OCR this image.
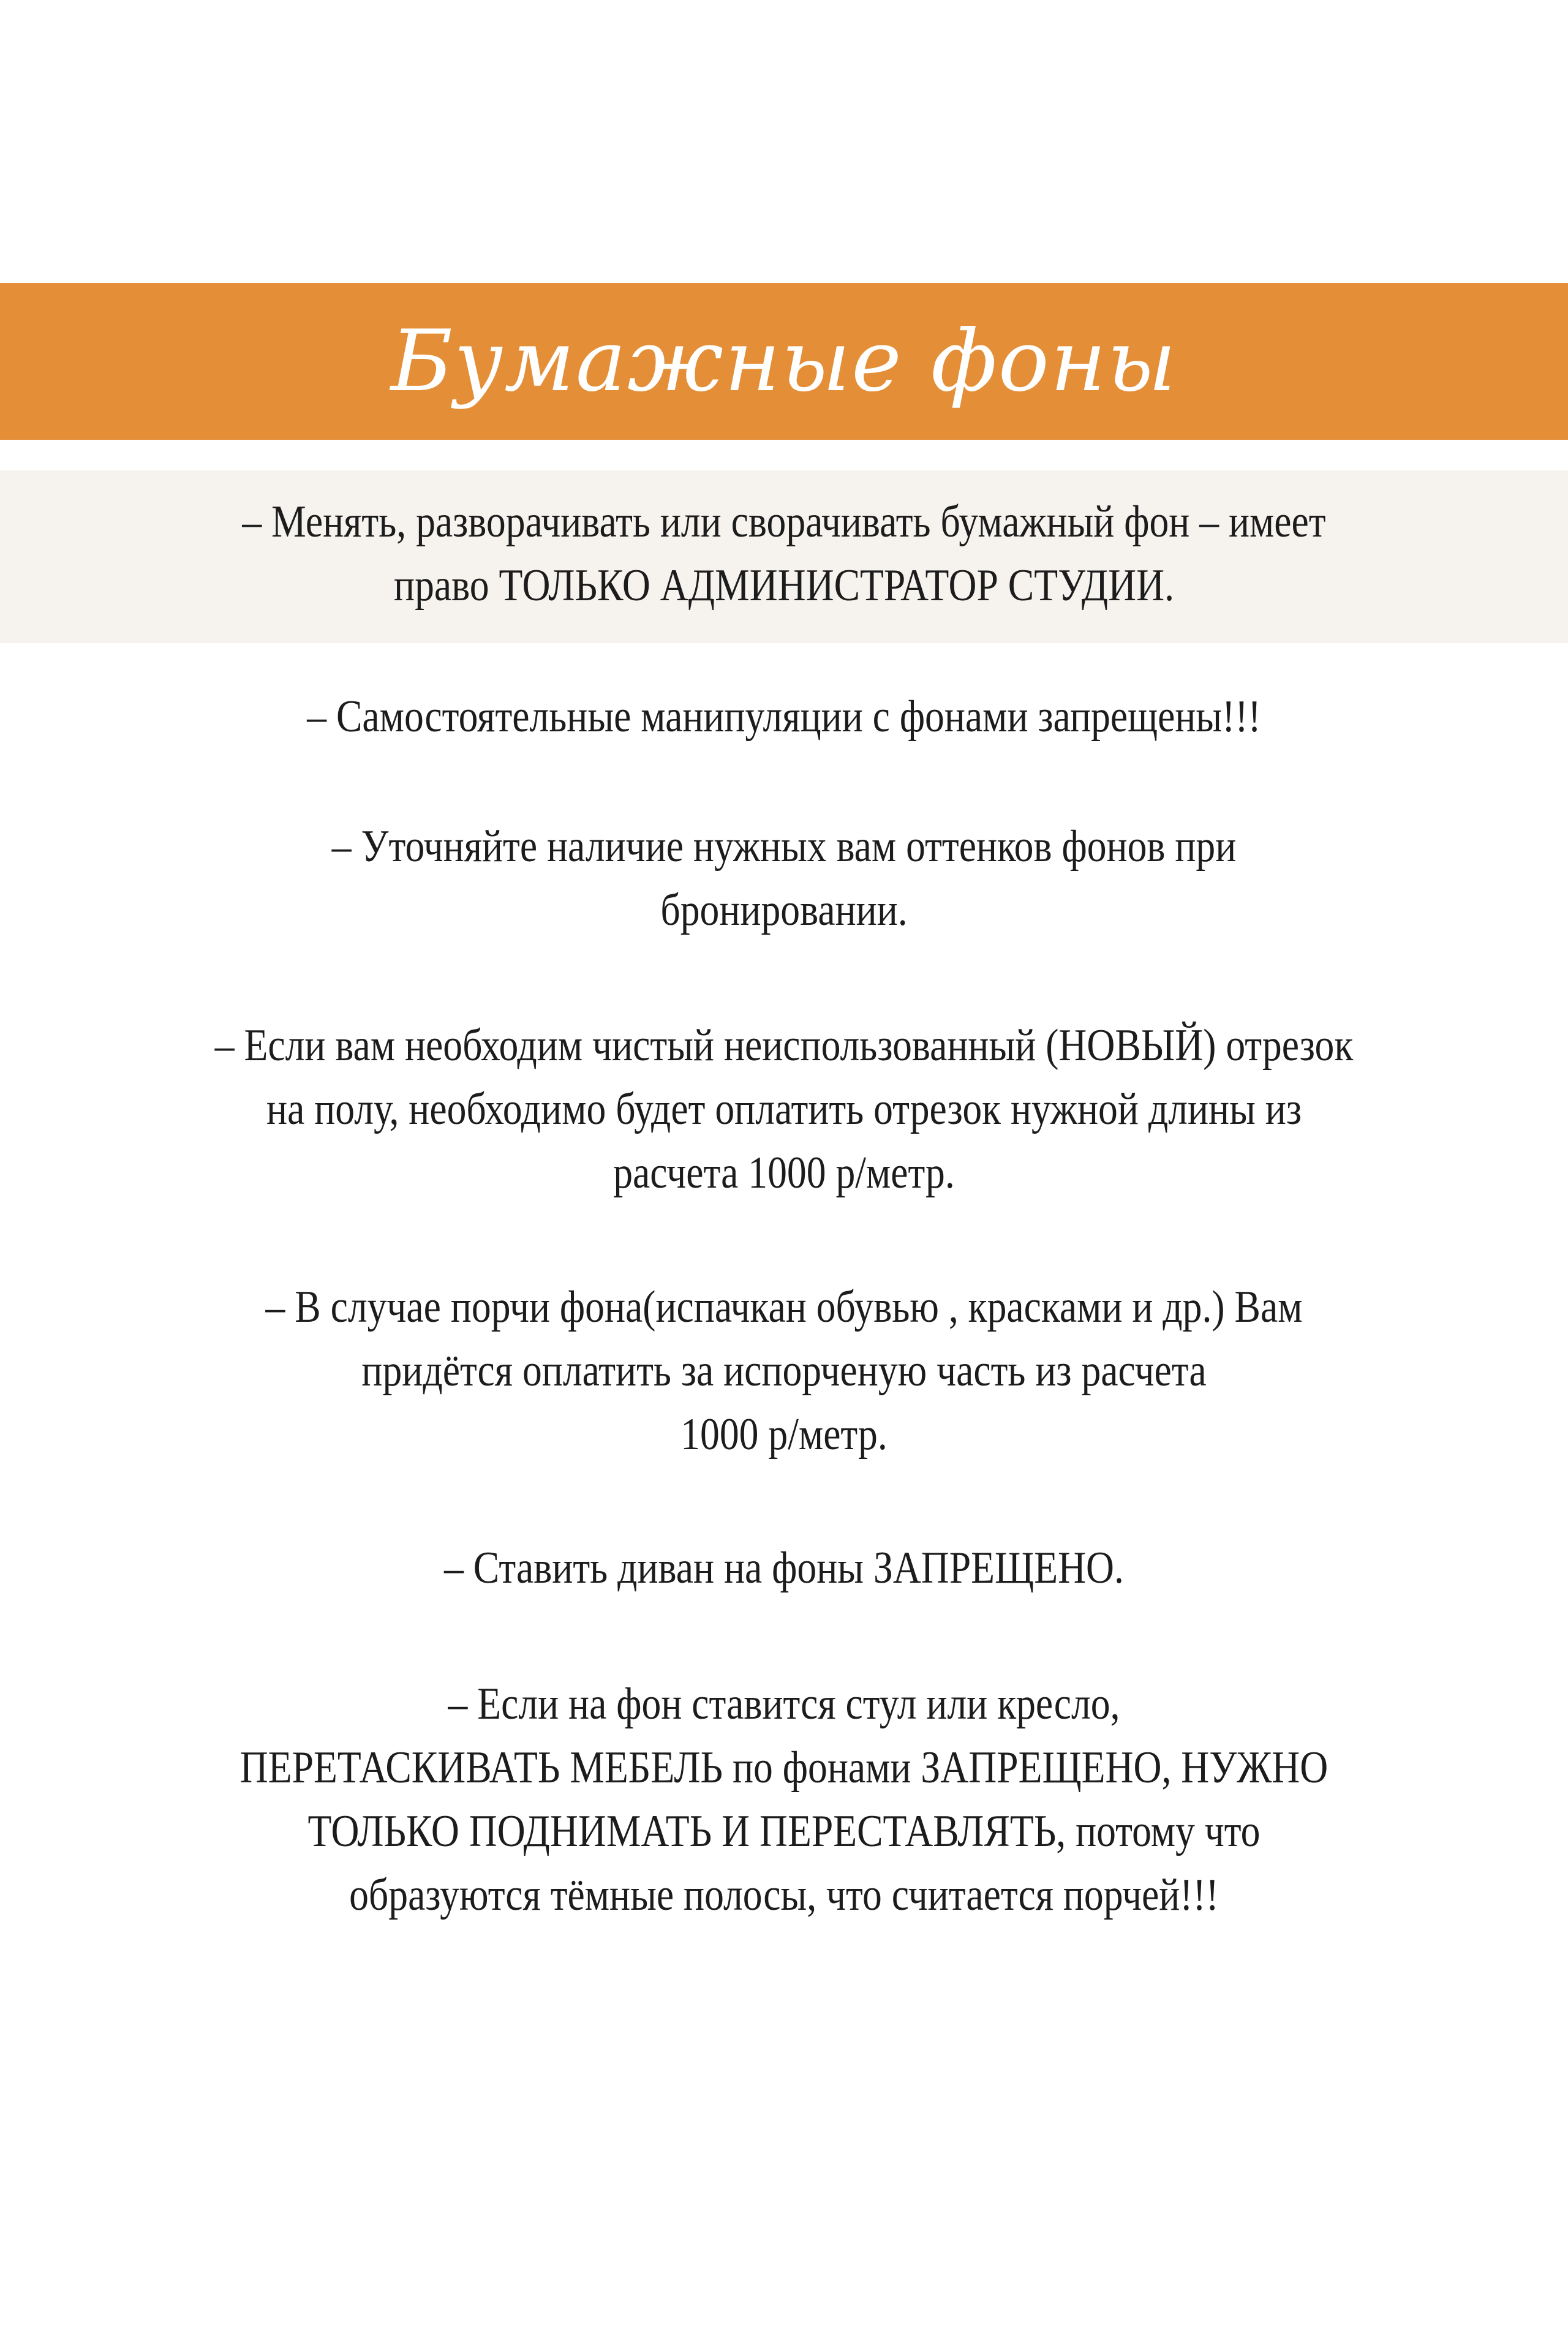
Бумажные фоны
– Менять, разворачивать или сворачивать бумажный фон – имеет
право ТОЛЬКО АДМИНИСТРАТОР СТУДИИ.
– Самостоятельные манипуляции с фонами запрещены!!!
– Уточняйте наличие нужных вам оттенков фонов при
бронировании.
– Если вам необходим чистый неиспользованный (НОВЫЙ) отрезок
на полу, необходимо будет оплатить отрезок нужной длины из
расчета 1000 р/метр.
– В случае порчи фона(испачкан обувью , красками и др.) Вам
придётся оплатить за испорченую часть из расчета
1000 р/метр.
– Ставить диван на фоны ЗАПРЕЩЕНО.
– Если на фон ставится стул или кресло,
ПЕРЕТАСКИВАТЬ МЕБЕЛЬ по фонами ЗАПРЕЩЕНО, НУЖНО
ТОЛЬКО ПОДНИМАТЬ И ПЕРЕСТАВЛЯТЬ, потому что
образуются тёмные полосы, что считается порчей!!!
